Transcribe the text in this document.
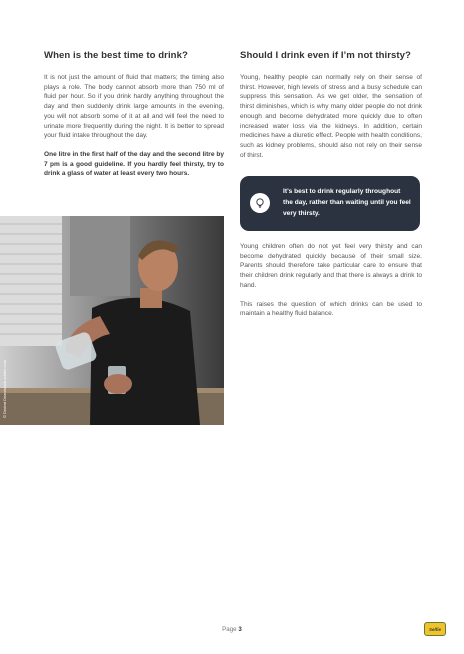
When is the best time to drink?

It is not just the amount of fluid that matters; the timing also plays a role. The body cannot absorb more than 750 ml of fluid per hour. So if you drink hardly anything throughout the day and then suddenly drink large amounts in the evening, you will not absorb some of it at all and will feel the need to urinate more frequently during the night. It is better to spread your fluid intake throughout the day.

One litre in the first half of the day and the second litre by 7 pm is a good guideline. If you hardly feel thirsty, try to drink a glass of water at least every two hours.

Should I drink even if I’m not thirsty?

Young, healthy people can normally rely on their sense of thirst. However, high levels of stress and a busy schedule can suppress this sensation. As we get older, the sensation of thirst diminishes, which is why many older people do not drink enough and become dehydrated more quickly due to often increased water loss via the kidneys. In addition, certain medicines have a diuretic effect. People with health conditions, such as kidney problems, should also not rely on their sense of thirst.

It’s best to drink regularly throughout the day, rather than waiting until you feel very thirsty.

Young children often do not yet feel very thirsty and can become dehydrated quickly because of their small size. Parents should therefore take particular care to ensure that their children drink regularly and that there is always a drink to hand.

This raises the question of which drinks can be used to maintain a healthy fluid balance.

© Drobot Dean/stock.adobe.com
Page 3	Selfie
